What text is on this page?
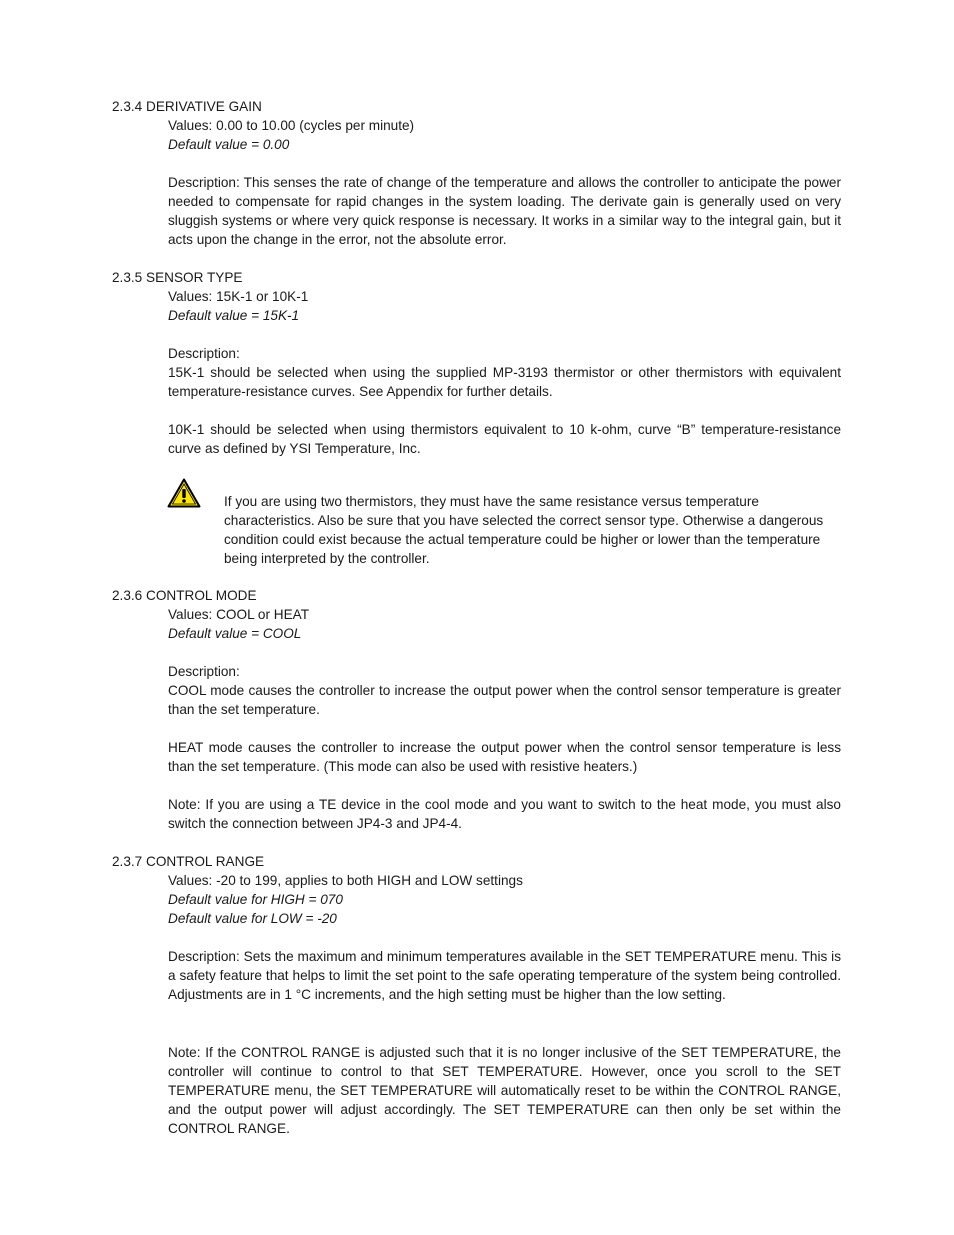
2.3.4 DERIVATIVE GAIN
Values: 0.00 to 10.00 (cycles per minute)
Default value = 0.00
Description: This senses the rate of change of the temperature and allows the controller to anticipate the power needed to compensate for rapid changes in the system loading. The derivate gain is generally used on very sluggish systems or where very quick response is necessary. It works in a similar way to the integral gain, but it acts upon the change in the error, not the absolute error.
2.3.5 SENSOR TYPE
Values: 15K-1 or 10K-1
Default value = 15K-1
Description:
15K-1 should be selected when using the supplied MP-3193 thermistor or other thermistors with equivalent temperature-resistance curves. See Appendix for further details.
10K-1 should be selected when using thermistors equivalent to 10 k-ohm, curve “B” temperature-resistance curve as defined by YSI Temperature, Inc.
If you are using two thermistors, they must have the same resistance versus temperature characteristics. Also be sure that you have selected the correct sensor type. Otherwise a dangerous condition could exist because the actual temperature could be higher or lower than the temperature being interpreted by the controller.
2.3.6 CONTROL MODE
Values: COOL or HEAT
Default value = COOL
Description:
COOL mode causes the controller to increase the output power when the control sensor temperature is greater than the set temperature.
HEAT mode causes the controller to increase the output power when the control sensor temperature is less than the set temperature. (This mode can also be used with resistive heaters.)
Note: If you are using a TE device in the cool mode and you want to switch to the heat mode, you must also switch the connection between JP4-3 and JP4-4.
2.3.7 CONTROL RANGE
Values: -20 to 199, applies to both HIGH and LOW settings
Default value for HIGH = 070
Default value for LOW = -20
Description: Sets the maximum and minimum temperatures available in the SET TEMPERATURE menu. This is a safety feature that helps to limit the set point to the safe operating temperature of the system being controlled. Adjustments are in 1 °C increments, and the high setting must be higher than the low setting.
Note: If the CONTROL RANGE is adjusted such that it is no longer inclusive of the SET TEMPERATURE, the controller will continue to control to that SET TEMPERATURE. However, once you scroll to the SET TEMPERATURE menu, the SET TEMPERATURE will automatically reset to be within the CONTROL RANGE, and the output power will adjust accordingly. The SET TEMPERATURE can then only be set within the CONTROL RANGE.
